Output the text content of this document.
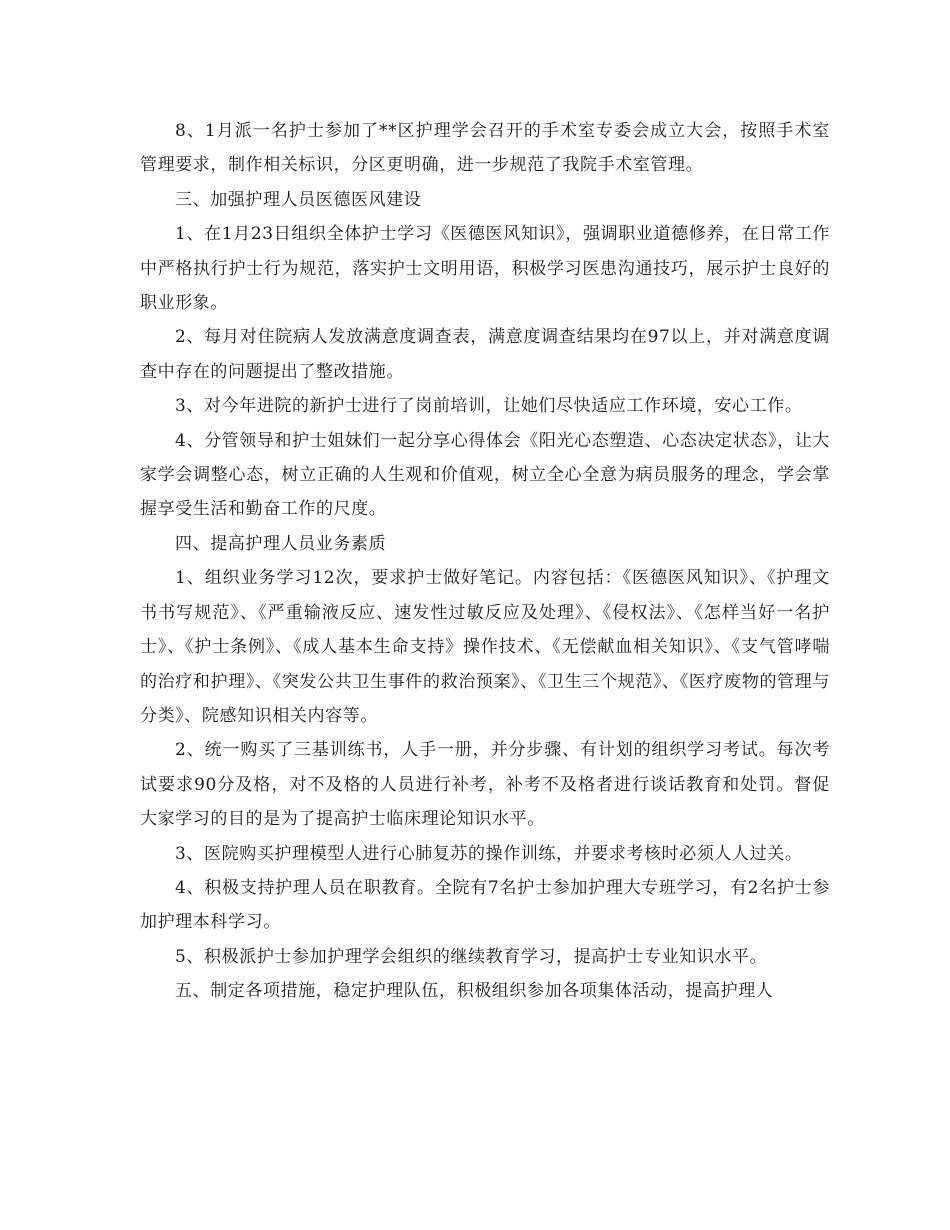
8、1月派一名护士参加了**区护理学会召开的手术室专委会成立大会，按照手术室管理要求，制作相关标识，分区更明确，进一步规范了我院手术室管理。

三、加强护理人员医德医风建设

1、在1月23日组织全体护士学习《医德医风知识》，强调职业道德修养，在日常工作中严格执行护士行为规范，落实护士文明用语，积极学习医患沟通技巧，展示护士良好的职业形象。

2、每月对住院病人发放满意度调查表，满意度调查结果均在97以上，并对满意度调查中存在的问题提出了整改措施。

3、对今年进院的新护士进行了岗前培训，让她们尽快适应工作环境，安心工作。

4、分管领导和护士姐妹们一起分享心得体会《阳光心态塑造、心态决定状态》，让大家学会调整心态，树立正确的人生观和价值观，树立全心全意为病员服务的理念，学会掌握享受生活和勤奋工作的尺度。

四、提高护理人员业务素质

1、组织业务学习12次，要求护士做好笔记。内容包括：《医德医风知识》、《护理文书书写规范》、《严重输液反应、速发性过敏反应及处理》、《侵权法》、《怎样当好一名护士》、《护士条例》、《成人基本生命支持》操作技术、《无偿献血相关知识》、《支气管哮喘的治疗和护理》、《突发公共卫生事件的救治预案》、《卫生三个规范》、《医疗废物的管理与分类》、院感知识相关内容等。

2、统一购买了三基训练书，人手一册，并分步骤、有计划的组织学习考试。每次考试要求90分及格，对不及格的人员进行补考，补考不及格者进行谈话教育和处罚。督促大家学习的目的是为了提高护士临床理论知识水平。

3、医院购买护理模型人进行心肺复苏的操作训练，并要求考核时必须人人过关。

4、积极支持护理人员在职教育。全院有7名护士参加护理大专班学习，有2名护士参加护理本科学习。

5、积极派护士参加护理学会组织的继续教育学习，提高护士专业知识水平。

五、制定各项措施，稳定护理队伍，积极组织参加各项集体活动，提高护理人
